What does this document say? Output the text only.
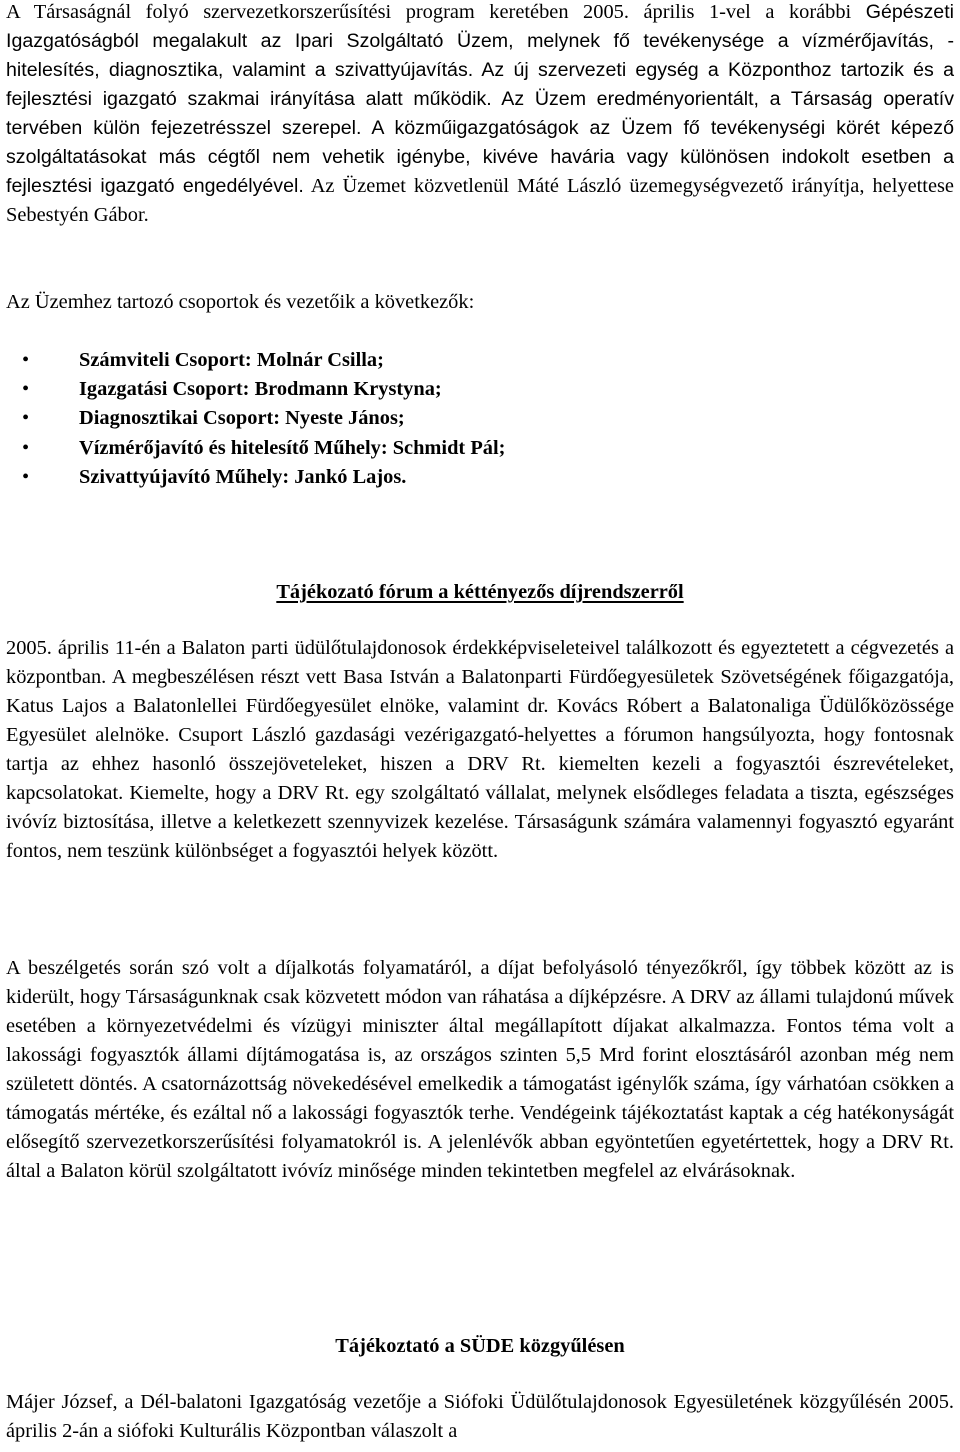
A Társaságnál folyó szervezetkorszerűsítési program keretében 2005. április 1-vel a korábbi Gépészeti Igazgatóságból megalakult az Ipari Szolgáltató Üzem, melynek fő tevékenysége a vízmérőjavítás, -hitelesítés, diagnosztika, valamint a szivattyújavítás. Az új szervezeti egység a Központhoz tartozik és a fejlesztési igazgató szakmai irányítása alatt működik. Az Üzem eredményorientált, a Társaság operatív tervében külön fejezetrésszel szerepel. A közműigazgatóságok az Üzem fő tevékenységi körét képező szolgáltatásokat más cégtől nem vehetik igénybe, kivéve havária vagy különösen indokolt esetben a fejlesztési igazgató engedélyével. Az Üzemet közvetlenül Máté László üzemegységvezető irányítja, helyettese Sebestyén Gábor.

Az Üzemhez tartozó csoportok és vezetőik a következők:

• Számviteli Csoport: Molnár Csilla;
• Igazgatási Csoport: Brodmann Krystyna;
• Diagnosztikai Csoport: Nyeste János;
• Vízmérőjavító és hitelesítő Műhely: Schmidt Pál;
• Szivattyújavító Műhely: Jankó Lajos.
Tájékozató fórum a kéttényezős díjrendszerről

2005. április 11-én a Balaton parti üdülőtulajdonosok érdekképviseleteivel találkozott és egyeztetett a cégvezetés a központban. A megbeszélésen részt vett Basa István a Balatonparti Fürdőegyesületek Szövetségének főigazgatója, Katus Lajos a Balatonlellei Fürdőegyesület elnöke, valamint dr. Kovács Róbert a Balatonaliga Üdülőközössége Egyesület alelnöke. Csuport László gazdasági vezérigazgató-helyettes a fórumon hangsúlyozta, hogy fontosnak tartja az ehhez hasonló összejöveteleket, hiszen a DRV Rt. kiemelten kezeli a fogyasztói észrevételeket, kapcsolatokat. Kiemelte, hogy a DRV Rt. egy szolgáltató vállalat, melynek elsődleges feladata a tiszta, egészséges ivóvíz biztosítása, illetve a keletkezett szennyvizek kezelése. Társaságunk számára valamennyi fogyasztó egyaránt fontos, nem teszünk különbséget a fogyasztói helyek között.

A beszélgetés során szó volt a díjalkotás folyamatáról, a díjat befolyásoló tényezőkről, így többek között az is kiderült, hogy Társaságunknak csak közvetett módon van ráhatása a díjképzésre. A DRV az állami tulajdonú művek esetében a környezetvédelmi és vízügyi miniszter által megállapított díjakat alkalmazza. Fontos téma volt a lakossági fogyasztók állami díjtámogatása is, az országos szinten 5,5 Mrd forint elosztásáról azonban még nem született döntés. A csatornázottság növekedésével emelkedik a támogatást igénylők száma, így várhatóan csökken a támogatás mértéke, és ezáltal nő a lakossági fogyasztók terhe. Vendégeink tájékoztatást kaptak a cég hatékonyságát elősegítő szervezetkorszerűsítési folyamatokról is. A jelenlévők abban egyöntetűen egyetértettek, hogy a DRV Rt. által a Balaton körül szolgáltatott ivóvíz minősége minden tekintetben megfelel az elvárásoknak.

Tájékoztató a SÜDE közgyűlésen

Májer József, a Dél-balatoni Igazgatóság vezetője a Siófoki Üdülőtulajdonosok Egyesületének közgyűlésén 2005. április 2-án a siófoki Kulturális Központban válaszolt a
